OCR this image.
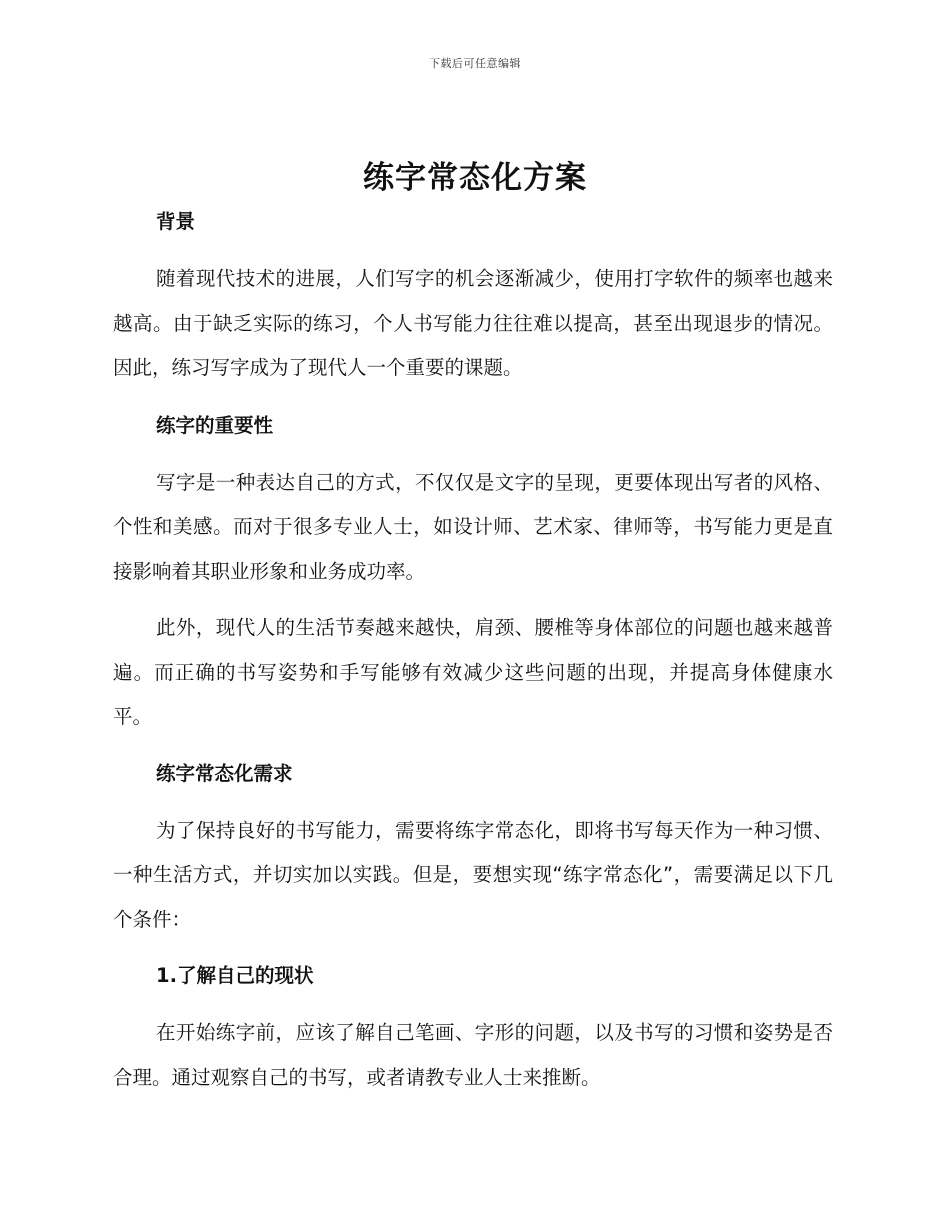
下载后可任意编辑
练字常态化方案

背景

随着现代技术的进展，人们写字的机会逐渐减少，使用打字软件的频率也越来越高。由于缺乏实际的练习，个人书写能力往往难以提高，甚至出现退步的情况。因此，练习写字成为了现代人一个重要的课题。

练字的重要性

写字是一种表达自己的方式，不仅仅是文字的呈现，更要体现出写者的风格、个性和美感。而对于很多专业人士，如设计师、艺术家、律师等，书写能力更是直接影响着其职业形象和业务成功率。

此外，现代人的生活节奏越来越快，肩颈、腰椎等身体部位的问题也越来越普遍。而正确的书写姿势和手写能够有效减少这些问题的出现，并提高身体健康水平。

练字常态化需求

为了保持良好的书写能力，需要将练字常态化，即将书写每天作为一种习惯、一种生活方式，并切实加以实践。但是，要想实现“练字常态化”，需要满足以下几个条件：

1.了解自己的现状

在开始练字前，应该了解自己笔画、字形的问题，以及书写的习惯和姿势是否合理。通过观察自己的书写，或者请教专业人士来推断。
